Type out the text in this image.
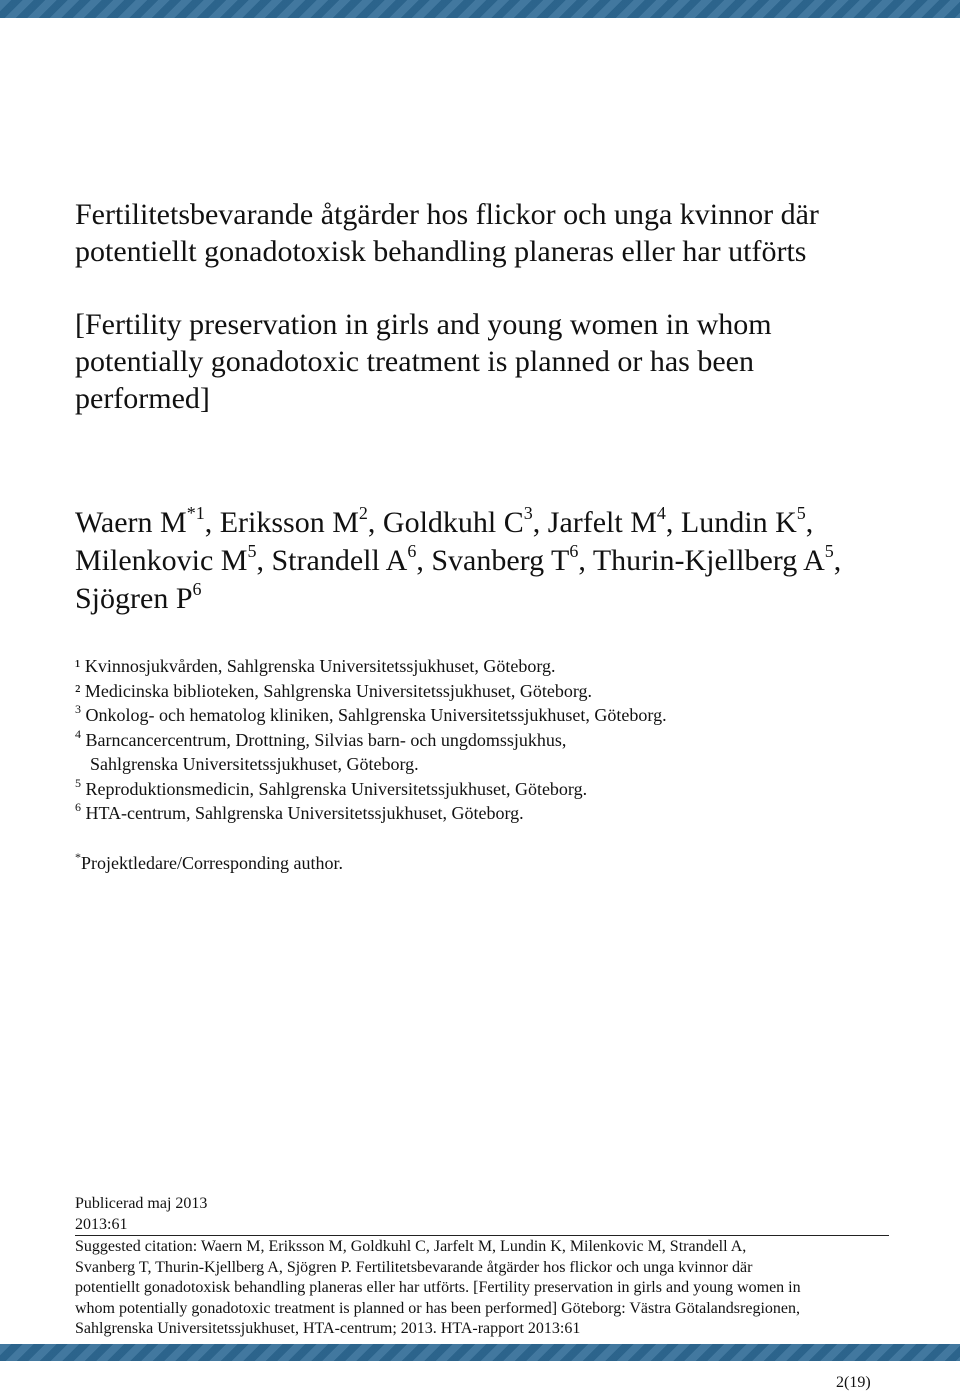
Fertilitetsbevarande åtgärder hos flickor och unga kvinnor där potentiellt gonadotoxisk behandling planeras eller har utförts
[Fertility preservation in girls and young women in whom potentially gonadotoxic treatment is planned or has been performed]
Waern $M^{*1}$, Eriksson $M^2$, Goldkuhl $C^3$, Jarfelt $M^4$, Lundin $K^5$, Milenkovic $M^5$, Strandell $A^6$, Svanberg $T^6$, Thurin-Kjellberg $A^5$, Sjögren $P^6$
¹ Kvinnosjukvården, Sahlgrenska Universitetssjukhuset, Göteborg.
² Medicinska biblioteken, Sahlgrenska Universitetssjukhuset, Göteborg.
$^3$ Onkolog- och hematolog kliniken, Sahlgrenska Universitetssjukhuset, Göteborg.
$^4$ Barncancercentrum, Drottning, Silvias barn- och ungdomssjukhus,
Sahlgrenska Universitetssjukhuset, Göteborg.
$^5$ Reproduktionsmedicin, Sahlgrenska Universitetssjukhuset, Göteborg.
$^6$ HTA-centrum, Sahlgrenska Universitetssjukhuset, Göteborg.
*Projektledare/Corresponding author.
Publicerad maj 2013
2013:61
Suggested citation: Waern M, Eriksson M, Goldkuhl C, Jarfelt M, Lundin K, Milenkovic M, Strandell A,
Svanberg T, Thurin-Kjellberg A, Sjögren P. Fertilitetsbevarande åtgärder hos flickor och unga kvinnor där
potentiellt gonadotoxisk behandling planeras eller har utförts. [Fertility preservation in girls and young women in
whom potentially gonadotoxic treatment is planned or has been performed] Göteborg: Västra Götalandsregionen,
Sahlgrenska Universitetssjukhuset, HTA-centrum; 2013. HTA-rapport 2013:61
2(19)
